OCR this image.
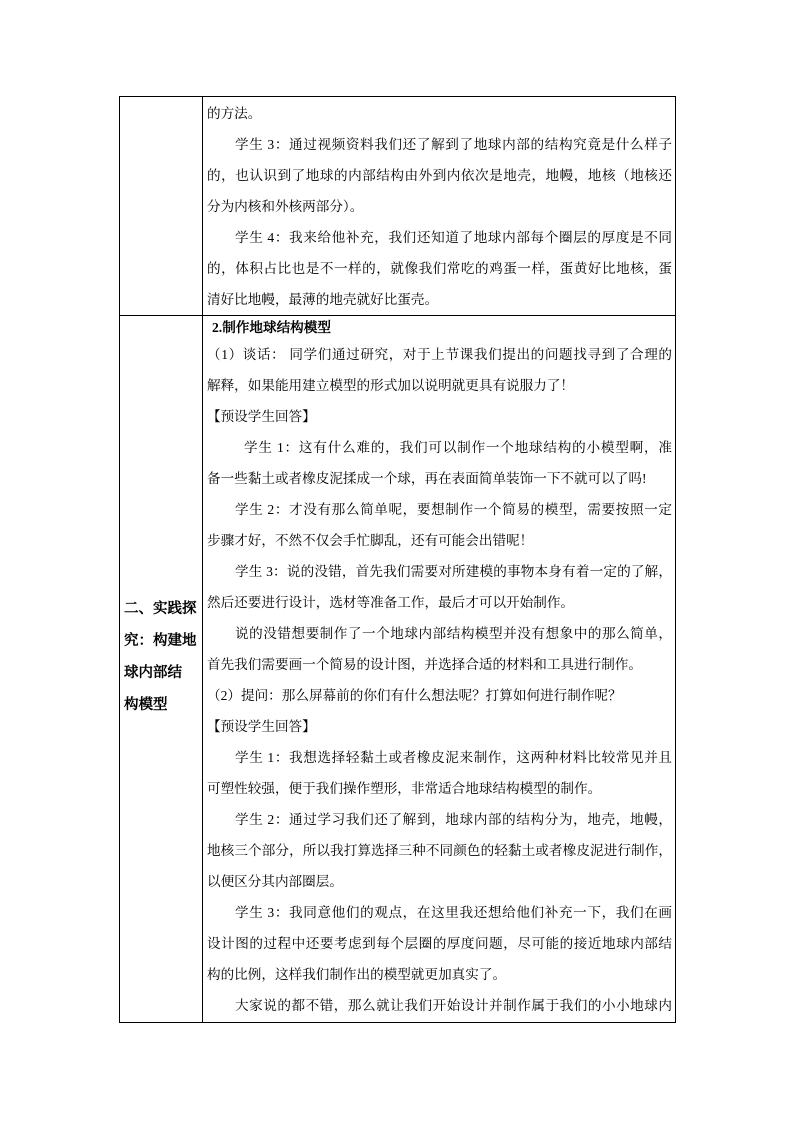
的方法。
学生 3：通过视频资料我们还了解到了地球内部的结构究竟是什么样子
的，也认识到了地球的内部结构由外到内依次是地壳，地幔，地核（地核还
分为内核和外核两部分）。
学生 4：我来给他补充，我们还知道了地球内部每个圈层的厚度是不同
的，体积占比也是不一样的，就像我们常吃的鸡蛋一样，蛋黄好比地核，蛋
清好比地幔，最薄的地壳就好比蛋壳。
二、实践探
究：构建地
球内部结
构模型
2.制作地球结构模型
（1）谈话： 同学们通过研究，对于上节课我们提出的问题找寻到了合理的
解释，如果能用建立模型的形式加以说明就更具有说服力了！
【预设学生回答】
学生 1：这有什么难的，我们可以制作一个地球结构的小模型啊，准
备一些黏土或者橡皮泥揉成一个球，再在表面简单装饰一下不就可以了吗!
学生 2：才没有那么简单呢，要想制作一个简易的模型，需要按照一定
步骤才好，不然不仅会手忙脚乱，还有可能会出错呢！
学生 3：说的没错，首先我们需要对所建模的事物本身有着一定的了解，
然后还要进行设计，选材等准备工作，最后才可以开始制作。
说的没错想要制作了一个地球内部结构模型并没有想象中的那么简单，
首先我们需要画一个简易的设计图，并选择合适的材料和工具进行制作。
（2）提问：那么屏幕前的你们有什么想法呢？打算如何进行制作呢？
【预设学生回答】
学生 1：我想选择轻黏土或者橡皮泥来制作，这两种材料比较常见并且
可塑性较强，便于我们操作塑形，非常适合地球结构模型的制作。
学生 2：通过学习我们还了解到，地球内部的结构分为，地壳，地幔，
地核三个部分，所以我打算选择三种不同颜色的轻黏土或者橡皮泥进行制作，
以便区分其内部圈层。
学生 3：我同意他们的观点，在这里我还想给他们补充一下，我们在画
设计图的过程中还要考虑到每个层圈的厚度问题，尽可能的接近地球内部结
构的比例，这样我们制作出的模型就更加真实了。
大家说的都不错，那么就让我们开始设计并制作属于我们的小小地球内
